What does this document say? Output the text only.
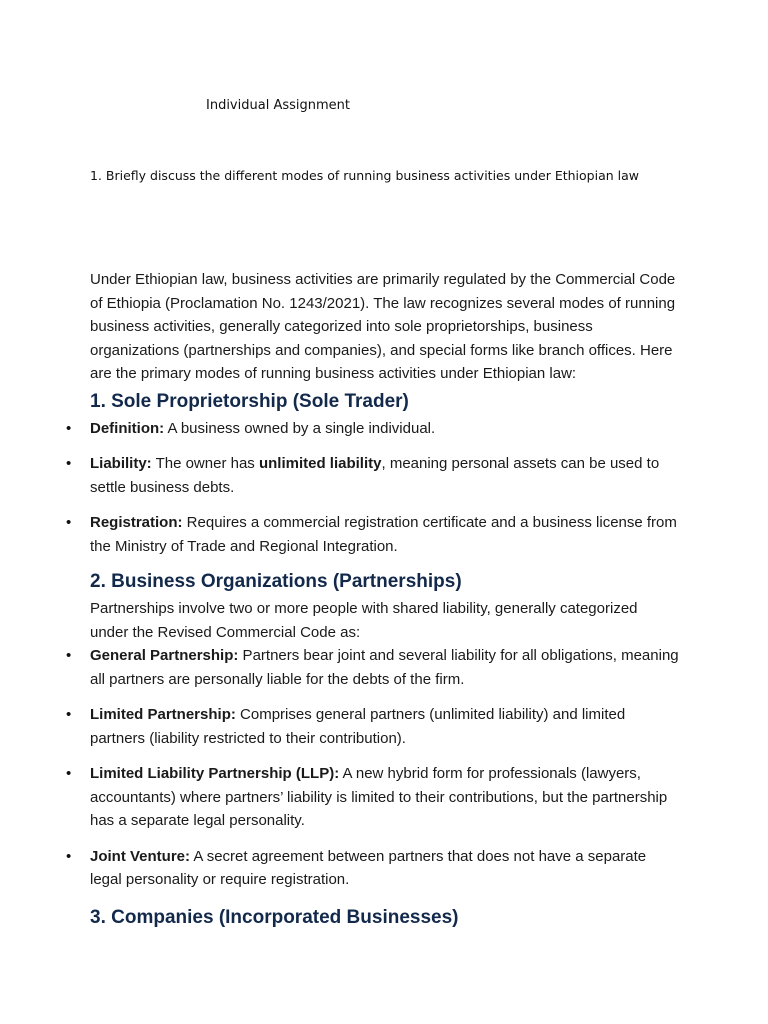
Individual Assignment

1. Briefly discuss the different modes of running business activities under Ethiopian law

Under Ethiopian law, business activities are primarily regulated by the Commercial Code of Ethiopia (Proclamation No. 1243/2021). The law recognizes several modes of running business activities, generally categorized into sole proprietorships, business organizations (partnerships and companies), and special forms like branch offices. Here are the primary modes of running business activities under Ethiopian law:

1. Sole Proprietorship (Sole Trader)
• Definition: A business owned by a single individual.
• Liability: The owner has unlimited liability, meaning personal assets can be used to settle business debts.
• Registration: Requires a commercial registration certificate and a business license from the Ministry of Trade and Regional Integration.
2. Business Organizations (Partnerships)

Partnerships involve two or more people with shared liability, generally categorized under the Revised Commercial Code as:

• General Partnership: Partners bear joint and several liability for all obligations, meaning all partners are personally liable for the debts of the firm.
• Limited Partnership: Comprises general partners (unlimited liability) and limited partners (liability restricted to their contribution).
• Limited Liability Partnership (LLP): A new hybrid form for professionals (lawyers, accountants) where partners’ liability is limited to their contributions, but the partnership has a separate legal personality.
• Joint Venture: A secret agreement between partners that does not have a separate legal personality or require registration.
3. Companies (Incorporated Businesses)
